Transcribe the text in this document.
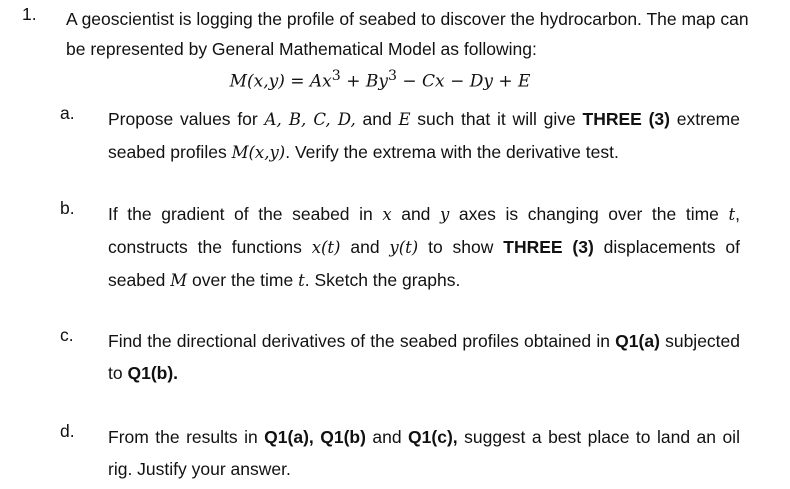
1. A geoscientist is logging the profile of seabed to discover the hydrocarbon. The map can be represented by General Mathematical Model as following:
$M(x,y) = Ax^3 + By^3 - Cx - Dy + E$
a.	Propose values for A, B, C, D, and E such that it will give THREE (3) extreme seabed profiles M(x,y). Verify the extrema with the derivative test.
b.	If the gradient of the seabed in x and y axes is changing over the time t, constructs the functions x(t) and y(t) to show THREE (3) displacements of seabed M over the time t. Sketch the graphs.
c.	Find the directional derivatives of the seabed profiles obtained in Q1(a) subjected to Q1(b).
d.	From the results in Q1(a), Q1(b) and Q1(c), suggest a best place to land an oil rig. Justify your answer.
